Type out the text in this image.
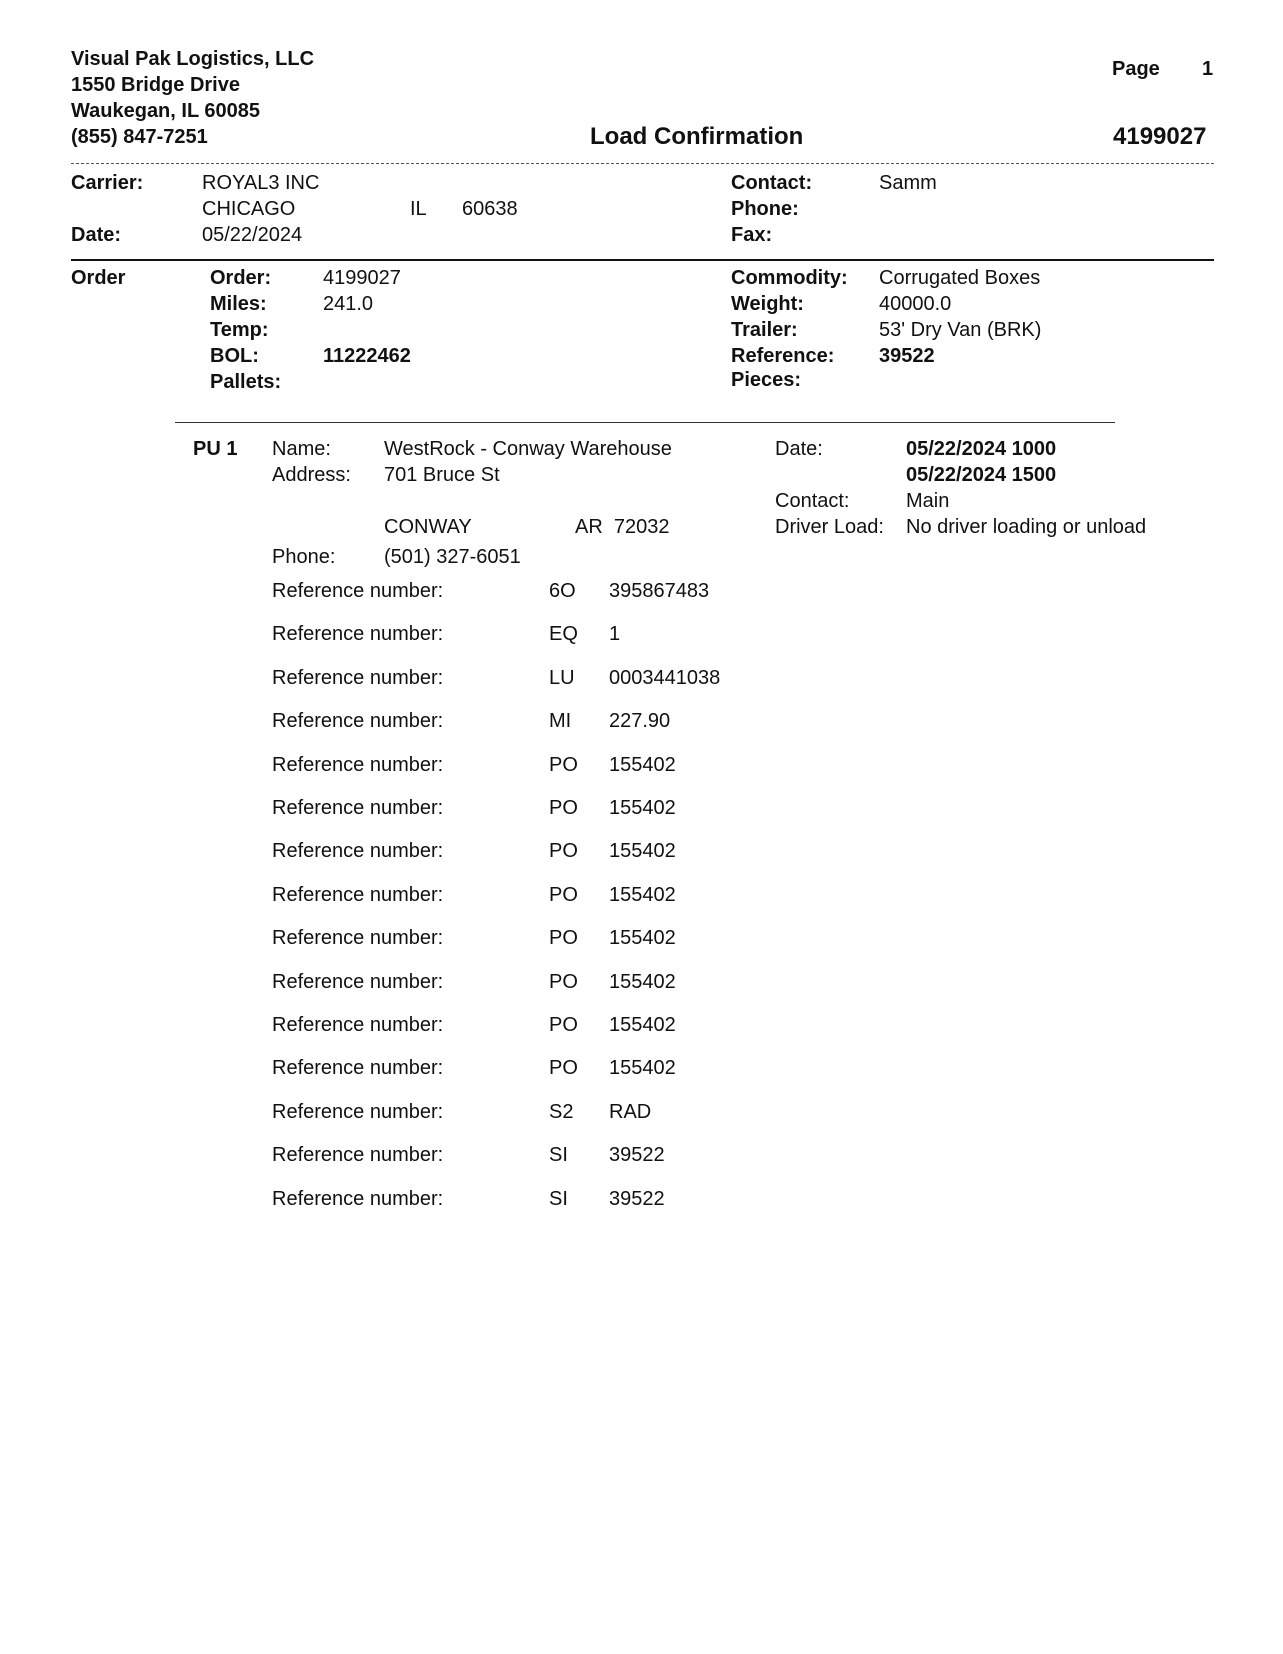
Visual Pak Logistics, LLC
1550 Bridge Drive
Waukegan, IL 60085
(855) 847-7251
Page 1
Load Confirmation	4199027
Carrier:	ROYAL3 INC
CHICAGO	IL 60638
Date:	05/22/2024
Contact:	Samm
Phone:
Fax:
Order	Order:	4199027
Miles:	241.0
Temp:
BOL:	11222462
Pallets:
Commodity: Corrugated Boxes
Weight:	40000.0
Trailer:	53' Dry Van (BRK)
Reference: 39522
Pieces:
PU 1 Name:	WestRock - Conway Warehouse
Address: 701 Bruce St
CONWAY	AR  72032
Phone: (501) 327-6051
Date:	05/22/2024 1000
05/22/2024 1500
Contact:	Main
Driver Load: No driver loading or unload
Reference number:	6O 395867483
Reference number:	EQ 1
Reference number:	LU 0003441038
Reference number:	MI 227.90
Reference number:	PO 155402
Reference number:	PO 155402
Reference number:	PO 155402
Reference number:	PO 155402
Reference number:	PO 155402
Reference number:	PO 155402
Reference number:	PO 155402
Reference number:	PO 155402
Reference number:	S2 RAD
Reference number:	SI 39522
Reference number:	SI 39522
